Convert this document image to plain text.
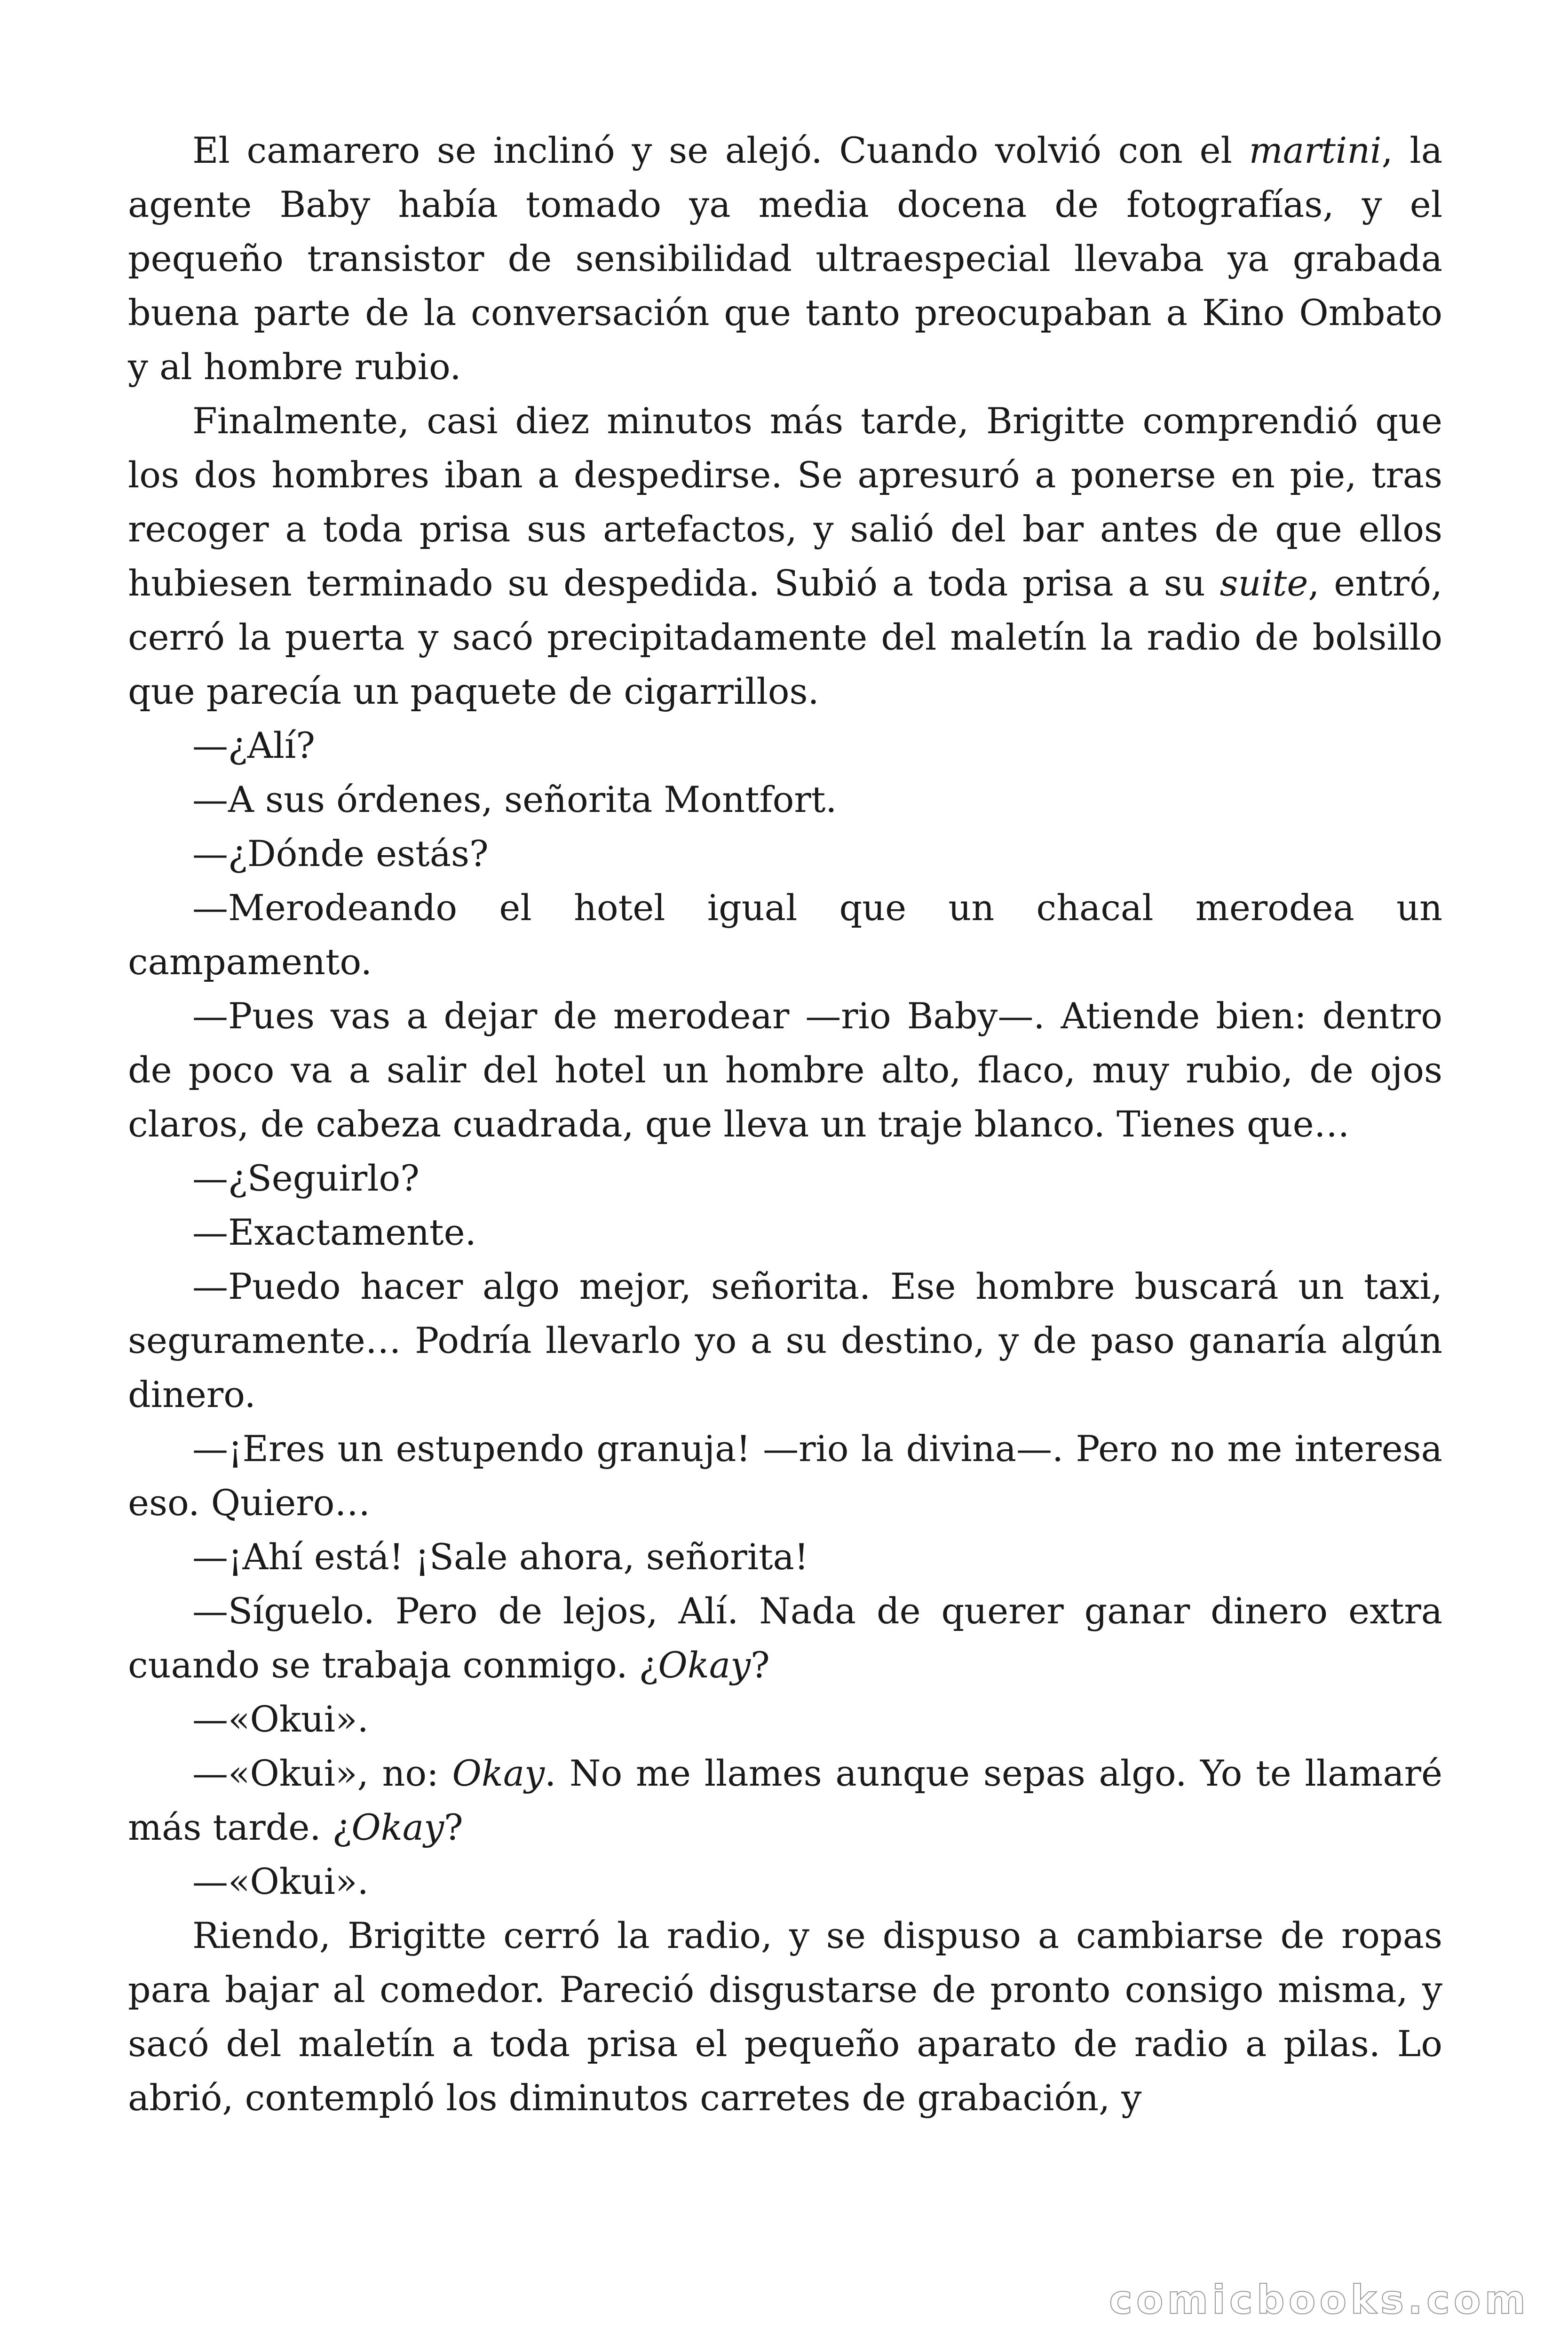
El camarero se inclinó y se alejó. Cuando volvió con el martini, la agente Baby había tomado ya media docena de fotografías, y el pequeño transistor de sensibilidad ultraespecial llevaba ya grabada buena parte de la conversación que tanto preocupaban a Kino Ombato y al hombre rubio.

Finalmente, casi diez minutos más tarde, Brigitte comprendió que los dos hombres iban a despedirse. Se apresuró a ponerse en pie, tras recoger a toda prisa sus artefactos, y salió del bar antes de que ellos hubiesen terminado su despedida. Subió a toda prisa a su suite, entró, cerró la puerta y sacó precipitadamente del maletín la radio de bolsillo que parecía un paquete de cigarrillos.

—¿Alí?

—A sus órdenes, señorita Montfort.

—¿Dónde estás?

—Merodeando el hotel igual que un chacal merodea un campamento.

—Pues vas a dejar de merodear —rio Baby—. Atiende bien: dentro de poco va a salir del hotel un hombre alto, flaco, muy rubio, de ojos claros, de cabeza cuadrada, que lleva un traje blanco. Tienes que…

—¿Seguirlo?

—Exactamente.

—Puedo hacer algo mejor, señorita. Ese hombre buscará un taxi, seguramente… Podría llevarlo yo a su destino, y de paso ganaría algún dinero.

—¡Eres un estupendo granuja! —rio la divina—. Pero no me interesa eso. Quiero…

—¡Ahí está! ¡Sale ahora, señorita!

—Síguelo. Pero de lejos, Alí. Nada de querer ganar dinero extra cuando se trabaja conmigo. ¿Okay?

—«Okui».

—«Okui», no: Okay. No me llames aunque sepas algo. Yo te llamaré más tarde. ¿Okay?

—«Okui».

Riendo, Brigitte cerró la radio, y se dispuso a cambiarse de ropas para bajar al comedor. Pareció disgustarse de pronto consigo misma, y sacó del maletín a toda prisa el pequeño aparato de radio a pilas. Lo abrió, contempló los diminutos carretes de grabación, y

comicbooks.com
